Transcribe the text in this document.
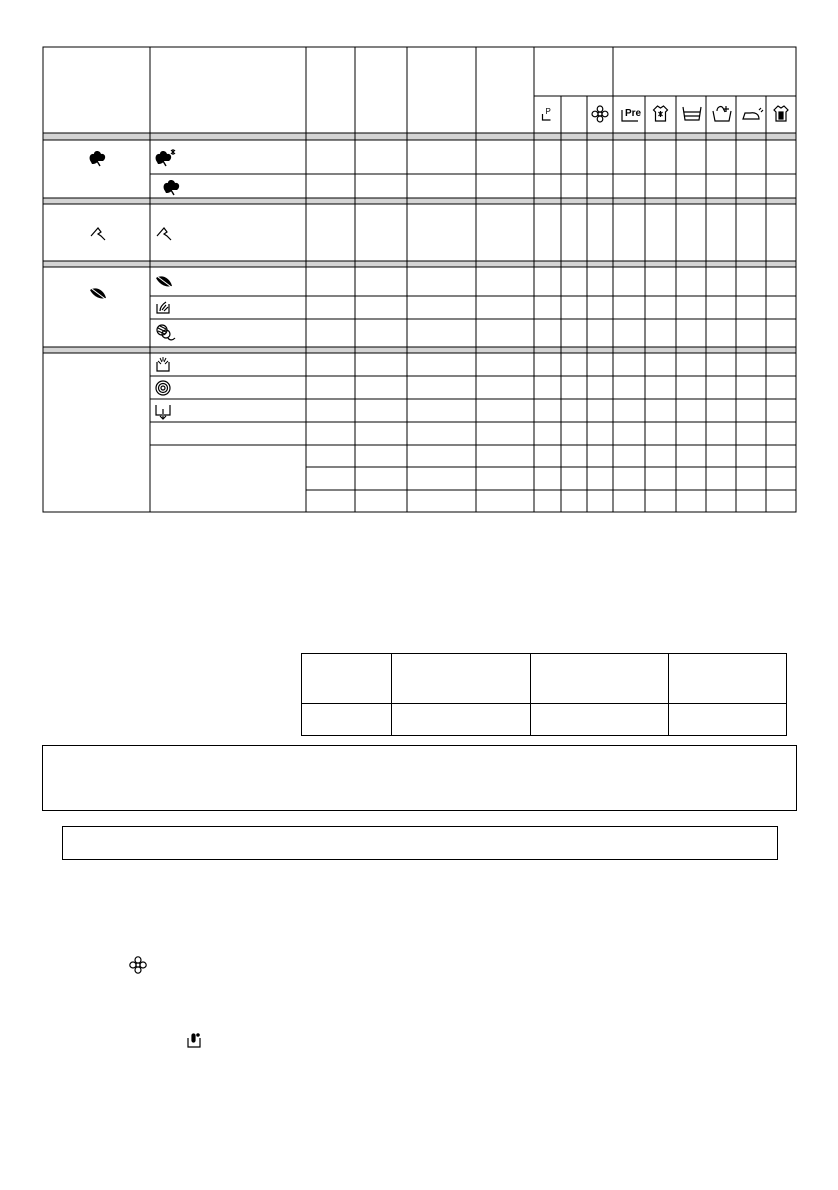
P	Pre
